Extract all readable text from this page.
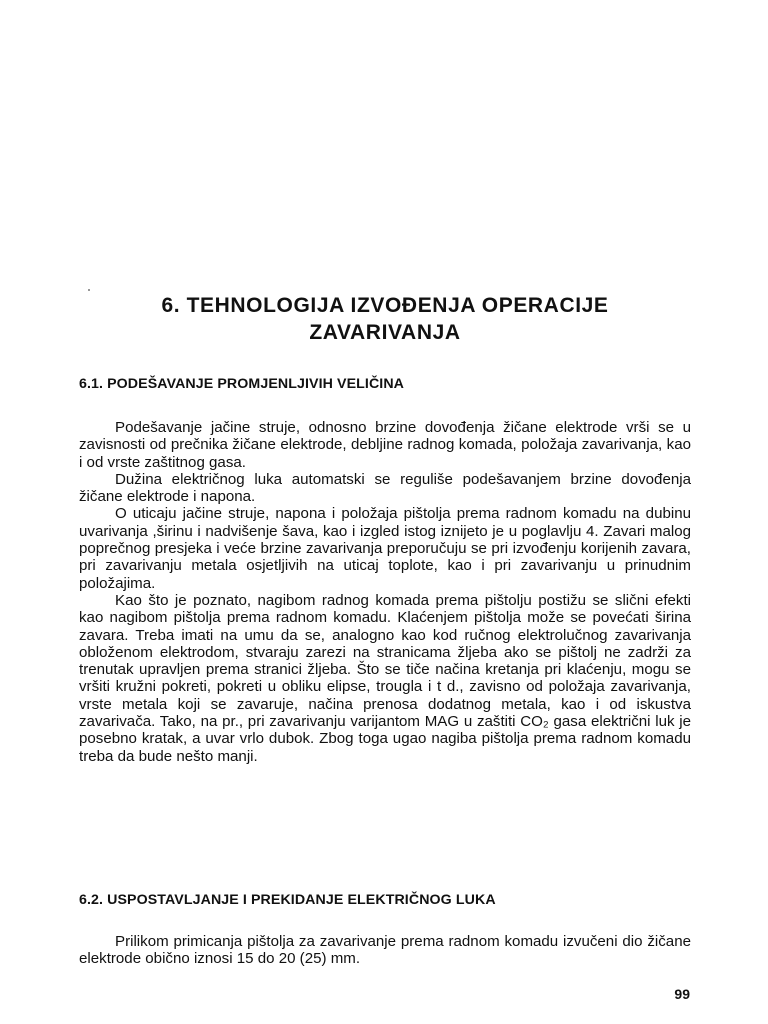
6. TEHNOLOGIJA IZVOĐENJA OPERACIJE
ZAVARIVANJA
6.1. PODEŠAVANJE PROMJENLJIVIH VELIČINA

Podešavanje jačine struje, odnosno brzine dovođenja žičane elektrode vrši se u zavisnosti od prečnika žičane elektrode, debljine radnog komada, položaja zavarivanja, kao i od vrste zaštitnog gasa.

Dužina električnog luka automatski se reguliše podešavanjem brzine dovođenja žičane elektrode i napona.

O uticaju jačine struje, napona i položaja pištolja prema radnom komadu na dubinu uvarivanja ,širinu i nadvišenje šava, kao i izgled istog iznijeto je u poglavlju 4. Zavari malog poprečnog presjeka i veće brzine zavarivanja preporučuju se pri izvođenju korijenih zavara, pri zavarivanju metala osjetljivih na uticaj toplote, kao i pri zavarivanju u prinudnim položajima.

Kao što je poznato, nagibom radnog komada prema pištolju postižu se slični efekti kao nagibom pištolja prema radnom komadu. Klaćenjem pištolja može se povećati širina zavara. Treba imati na umu da se, analogno kao kod ručnog elektrolučnog zavarivanja obloženom elektrodom, stvaraju zarezi na stranicama žljeba ako se pištolj ne zadrži za trenutak upravljen prema stranici žljeba. Što se tiče načina kretanja pri klaćenju, mogu se vršiti kružni pokreti, pokreti u obliku elipse, trougla i t d., zavisno od položaja zavarivanja, vrste metala koji se zavaruje, načina prenosa dodatnog metala, kao i od iskustva zavarivača. Tako, na pr., pri zavarivanju varijantom MAG u zaštiti CO₂ gasa električni luk je posebno kratak, a uvar vrlo dubok. Zbog toga ugao nagiba pištolja prema radnom komadu treba da bude nešto manji.

6.2. USPOSTAVLJANJE I PREKIDANJE ELEKTRIČNOG LUKA

Prilikom primicanja pištolja za zavarivanje prema radnom komadu izvučeni dio žičane elektrode obično iznosi 15 do 20 (25) mm.

99
